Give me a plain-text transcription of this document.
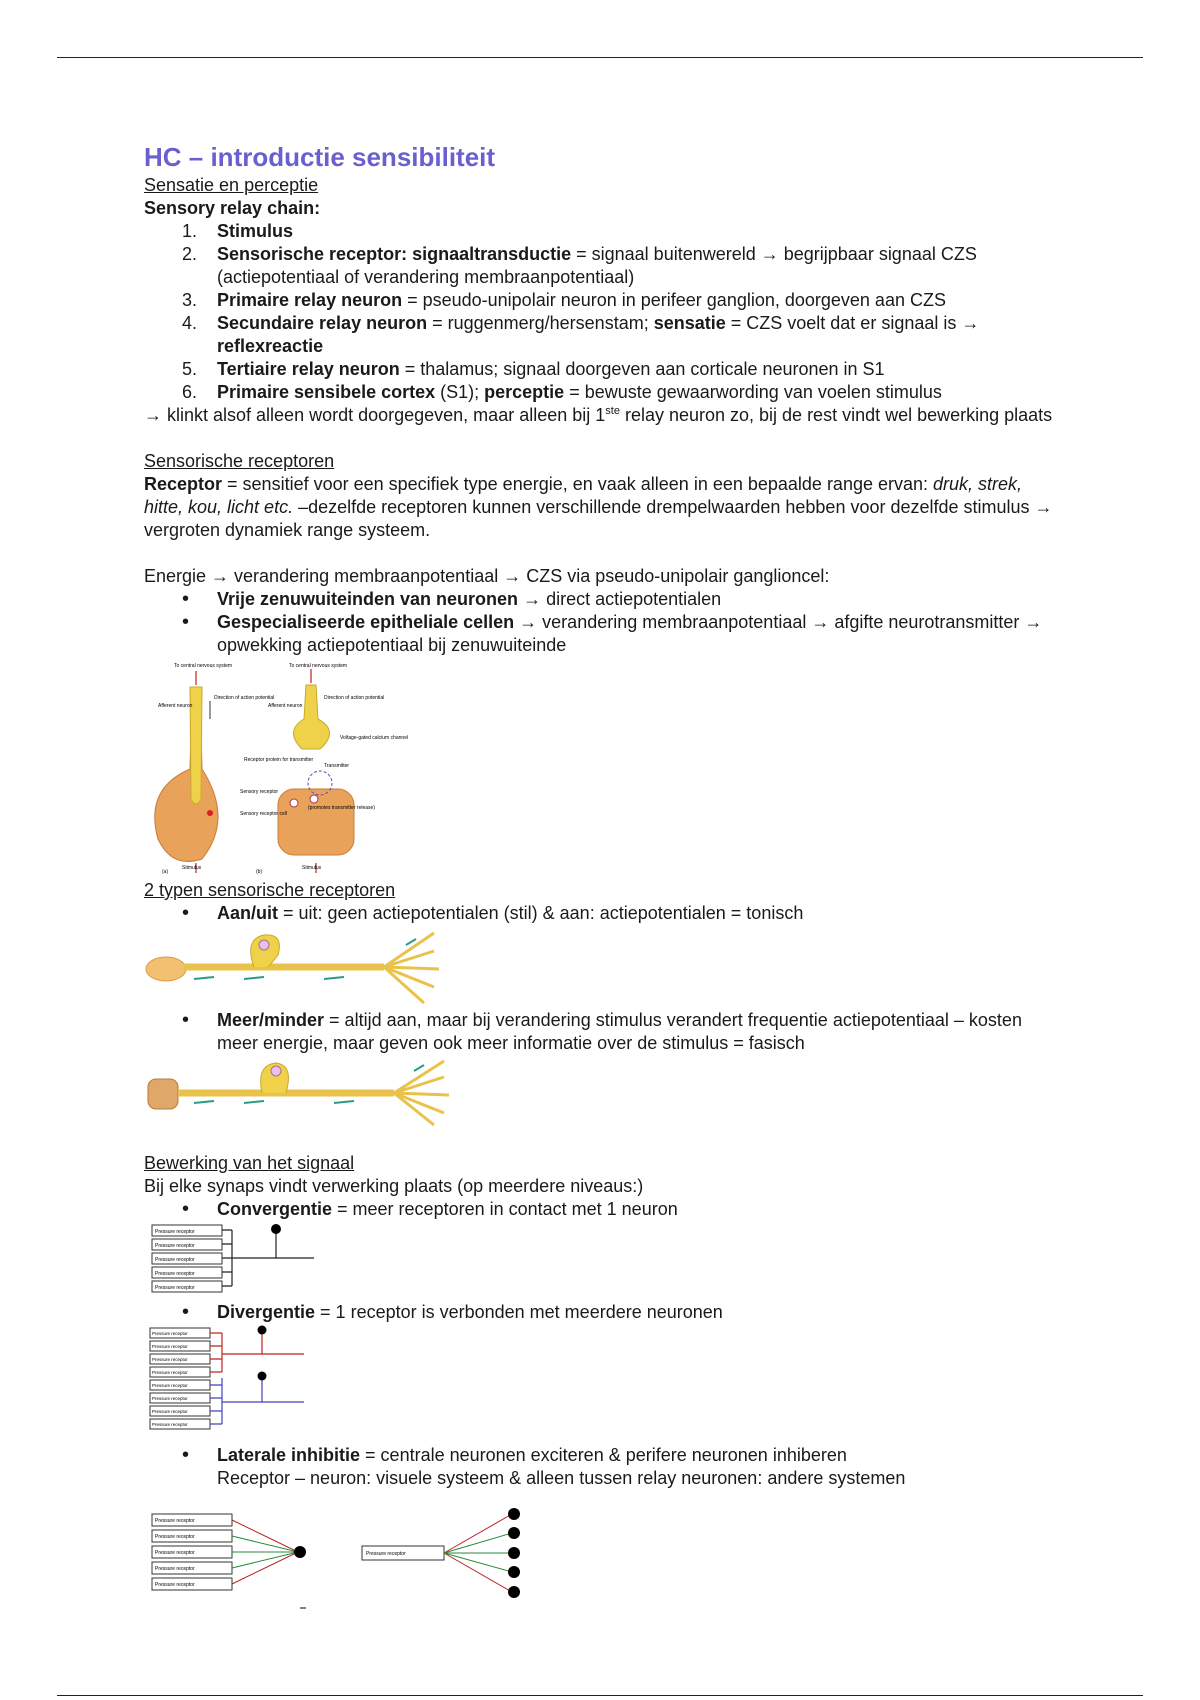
HC – introductie sensibiliteit
Sensatie en perceptie
Sensory relay chain:
1.	Stimulus
2.	Sensorische receptor: signaaltransductie = signaal buitenwereld → begrijpbaar signaal CZS (actiepotentiaal of verandering membraanpotentiaal)
3.	Primaire relay neuron = pseudo-unipolair neuron in perifeer ganglion, doorgeven aan CZS
4.	Secundaire relay neuron = ruggenmerg/hersenstam; sensatie = CZS voelt dat er signaal is → reflexreactie
5.	Tertiaire relay neuron = thalamus; signaal doorgeven aan corticale neuronen in S1
6.	Primaire sensibele cortex (S1); perceptie = bewuste gewaarwording van voelen stimulus
→ klinkt alsof alleen wordt doorgegeven, maar alleen bij 1ste relay neuron zo, bij de rest vindt wel bewerking plaats
Sensorische receptoren
Receptor = sensitief voor een specifiek type energie, en vaak alleen in een bepaalde range ervan: druk, strek, hitte, kou, licht etc. –dezelfde receptoren kunnen verschillende drempelwaarden hebben voor dezelfde stimulus → vergroten dynamiek range systeem.
Energie → verandering membraanpotentiaal → CZS via pseudo-unipolair ganglioncel:
• Vrije zenuwuiteinden van neuronen → direct actiepotentialen
• Gespecialiseerde epitheliale cellen → verandering membraanpotentiaal → afgifte neurotransmitter → opwekking actiepotentiaal bij zenuwuiteinde
To central nervous system
Afferent neuron
Direction of action potential
Sensory receptor
Stimulus
(a)
To central nervous system
Afferent neuron
Direction of action potential
Receptor protein for transmitter
Voltage-gated calcium channel
Transmitter
(promotes transmitter release)
Sensory receptor cell
Stimulus
(b)
2 typen sensorische receptoren
• Aan/uit = uit: geen actiepotentialen (stil) & aan: actiepotentialen = tonisch
• Meer/minder = altijd aan, maar bij verandering stimulus verandert frequentie actiepotentiaal – kosten meer energie, maar geven ook meer informatie over de stimulus = fasisch
Bewerking van het signaal
Bij elke synaps vindt verwerking plaats (op meerdere niveaus:)
• Convergentie = meer receptoren in contact met 1 neuron
Pressure receptor
Pressure receptor
Pressure receptor
Pressure receptor
Pressure receptor
• Divergentie = 1 receptor is verbonden met meerdere neuronen
Pressure receptor
Pressure receptor
Pressure receptor
Pressure receptor
Pressure receptor
Pressure receptor
Pressure receptor
Pressure receptor
• Laterale inhibitie = centrale neuronen exciteren & perifere neuronen inhiberen
Receptor – neuron: visuele systeem & alleen tussen relay neuronen: andere systemen
Pressure receptor
Pressure receptor
Pressure receptor
Pressure receptor
Pressure receptor
Pressure receptor
